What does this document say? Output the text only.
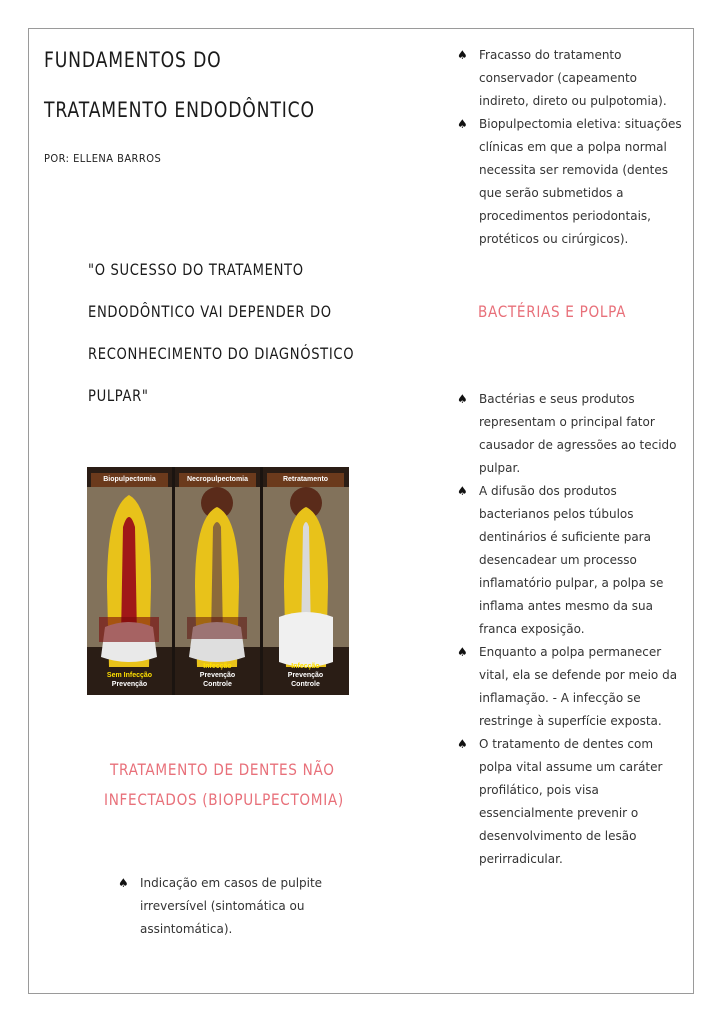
FUNDAMENTOS DO
TRATAMENTO ENDODÔNTICO
POR: ELLENA BARROS
"O SUCESSO DO TRATAMENTO
ENDODÔNTICO VAI DEPENDER DO
RECONHECIMENTO DO DIAGNÓSTICO
PULPAR"
Biopulpectomia
Sem Infecção
Prevenção
Necropulpectomia
Infecção
Prevenção
Controle
Retratamento
Infecção
Prevenção
Controle
TRATAMENTO DE DENTES NÃO
INFECTADOS (BIOPULPECTOMIA)
♠ Indicação em casos de pulpite
irreversível (sintomática ou
assintomática).
♠ Fracasso do tratamento
conservador (capeamento
indireto, direto ou pulpotomia).
♠ Biopulpectomia eletiva: situações
clínicas em que a polpa normal
necessita ser removida (dentes
que serão submetidos a
procedimentos periodontais,
protéticos ou cirúrgicos).
BACTÉRIAS E POLPA
♠ Bactérias e seus produtos
representam o principal fator
causador de agressões ao tecido
pulpar.
♠ A difusão dos produtos
bacterianos pelos túbulos
dentinários é suficiente para
desencadear um processo
inflamatório pulpar, a polpa se
inflama antes mesmo da sua
franca exposição.
♠ Enquanto a polpa permanecer
vital, ela se defende por meio da
inflamação. - A infecção se
restringe à superfície exposta.
♠ O tratamento de dentes com
polpa vital assume um caráter
profilático, pois visa
essencialmente prevenir o
desenvolvimento de lesão
perirradicular.
